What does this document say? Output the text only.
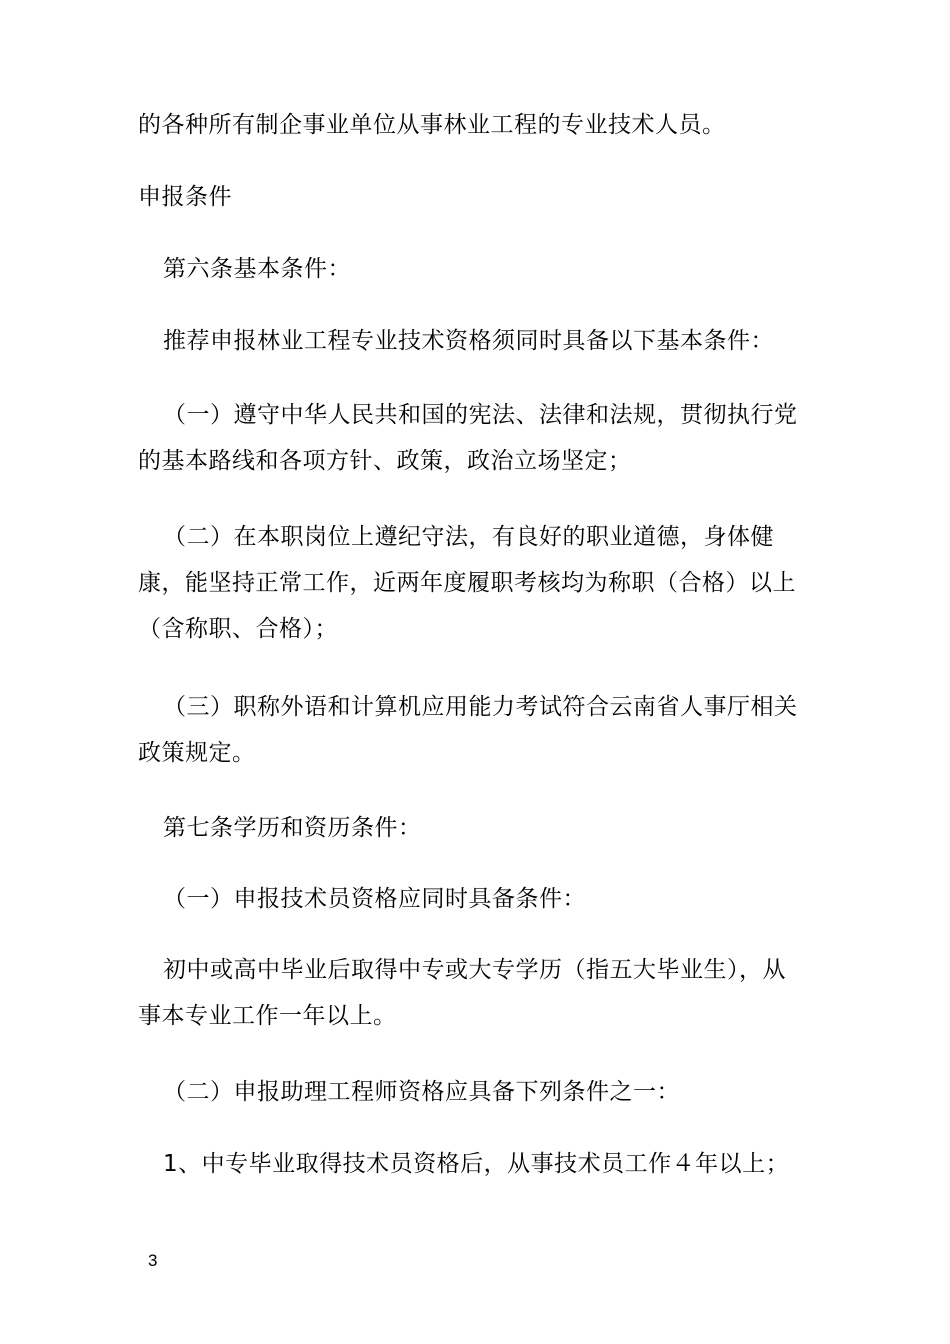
的各种所有制企事业单位从事林业工程的专业技术人员。

申报条件

第六条基本条件：

推荐申报林业工程专业技术资格须同时具备以下基本条件：

（一）遵守中华人民共和国的宪法、法律和法规，贯彻执行党的基本路线和各项方针、政策，政治立场坚定；

（二）在本职岗位上遵纪守法，有良好的职业道德，身体健康，能坚持正常工作，近两年度履职考核均为称职（合格）以上（含称职、合格）；

（三）职称外语和计算机应用能力考试符合云南省人事厅相关政策规定。

第七条学历和资历条件：

（一）申报技术员资格应同时具备条件：

初中或高中毕业后取得中专或大专学历（指五大毕业生），从事本专业工作一年以上。

（二）申报助理工程师资格应具备下列条件之一：

1、中专毕业取得技术员资格后，从事技术员工作４年以上；

3
